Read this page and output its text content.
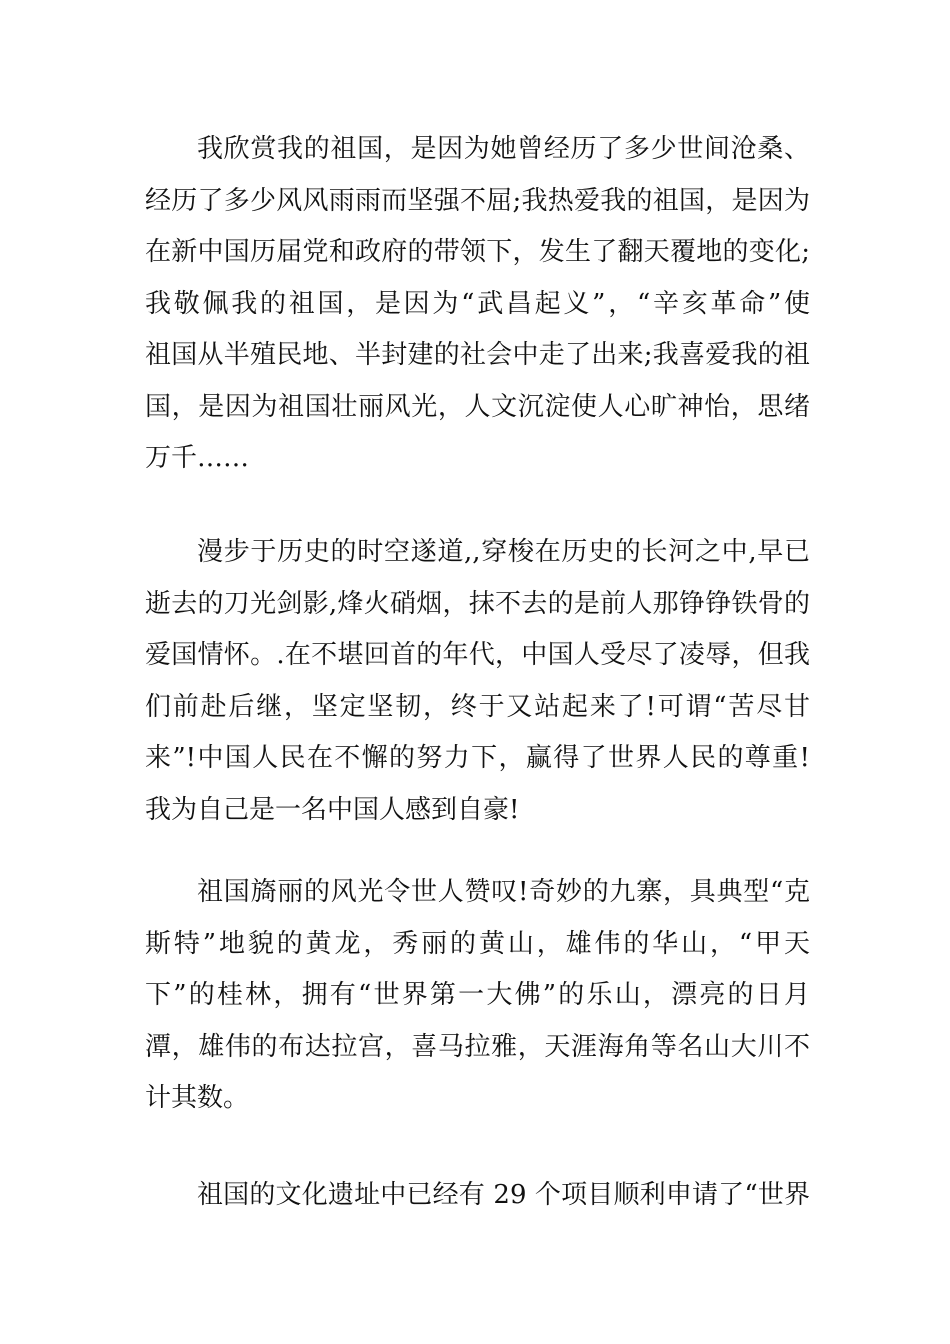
我欣赏我的祖国，是因为她曾经历了多少世间沧桑、
经历了多少风风雨雨而坚强不屈;我热爱我的祖国，是因为
在新中国历届党和政府的带领下，发生了翻天覆地的变化;
我敬佩我的祖国，是因为“武昌起义”，“辛亥革命”使
祖国从半殖民地、半封建的社会中走了出来;我喜爱我的祖
国，是因为祖国壮丽风光，人文沉淀使人心旷神怡，思绪
万千……
漫步于历史的时空遂道,,穿梭在历史的长河之中,早已
逝去的刀光剑影,烽火硝烟，抹不去的是前人那铮铮铁骨的
爱国情怀。.在不堪回首的年代，中国人受尽了凌辱，但我
们前赴后继，坚定坚韧，终于又站起来了!可谓“苦尽甘
来”!中国人民在不懈的努力下，赢得了世界人民的尊重!
我为自己是一名中国人感到自豪!
祖国旖丽的风光令世人赞叹!奇妙的九寨，具典型“克
斯特”地貌的黄龙，秀丽的黄山，雄伟的华山，“甲天
下”的桂林，拥有“世界第一大佛”的乐山，漂亮的日月
潭，雄伟的布达拉宫，喜马拉雅，天涯海角等名山大川不
计其数。
祖国的文化遗址中已经有 29 个项目顺利申请了“世界
